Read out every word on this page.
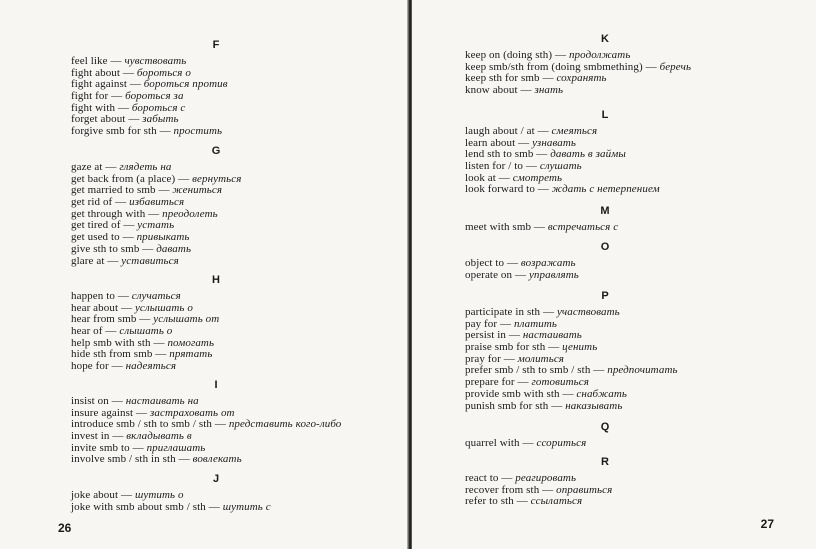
F
feel like — чувствовать
fight about — бороться о
fight against — бороться против
fight for — бороться за
fight with — бороться с
forget about — забыть
forgive smb for sth — простить
G
gaze at — глядеть на
get back from (a place) — вернуться
get married to smb — жениться
get rid of — избавиться
get through with — преодолеть
get tired of — устать
get used to — привыкать
give sth to smb — давать
glare at — уставиться
H
happen to — случаться
hear about — услышать о
hear from smb — услышать от
hear of — слышать о
help smb with sth — помогать
hide sth from smb — прятать
hope for — надеяться
I
insist on — настаивать на
insure against — застраховать от
introduce smb / sth to smb / sth — представить кого-либо
invest in — вкладывать в
invite smb to — приглашать
involve smb / sth in sth — вовлекать
J
joke about — шутить о
joke with smb about smb / sth — шутить с
26
K
keep on (doing sth) — продолжать
keep smb/sth from (doing smbmething) — беречь
keep sth for smb — сохранять
know about — знать
L
laugh about / at — смеяться
learn about — узнавать
lend sth to smb — давать в займы
listen for / to — слушать
look at — смотреть
look forward to — ждать с нетерпением
M
meet with smb — встречаться с
O
object to — возражать
operate on — управлять
P
participate in sth — участвовать
pay for — платить
persist in — настаивать
praise smb for sth — ценить
pray for — молиться
prefer smb / sth to smb / sth — предпочитать
prepare for — готовиться
provide smb with sth — снабжать
punish smb for sth — наказывать
Q
quarrel with — ссориться
R
react to — реагировать
recover from sth — оправиться
refer to sth — ссылаться
27
